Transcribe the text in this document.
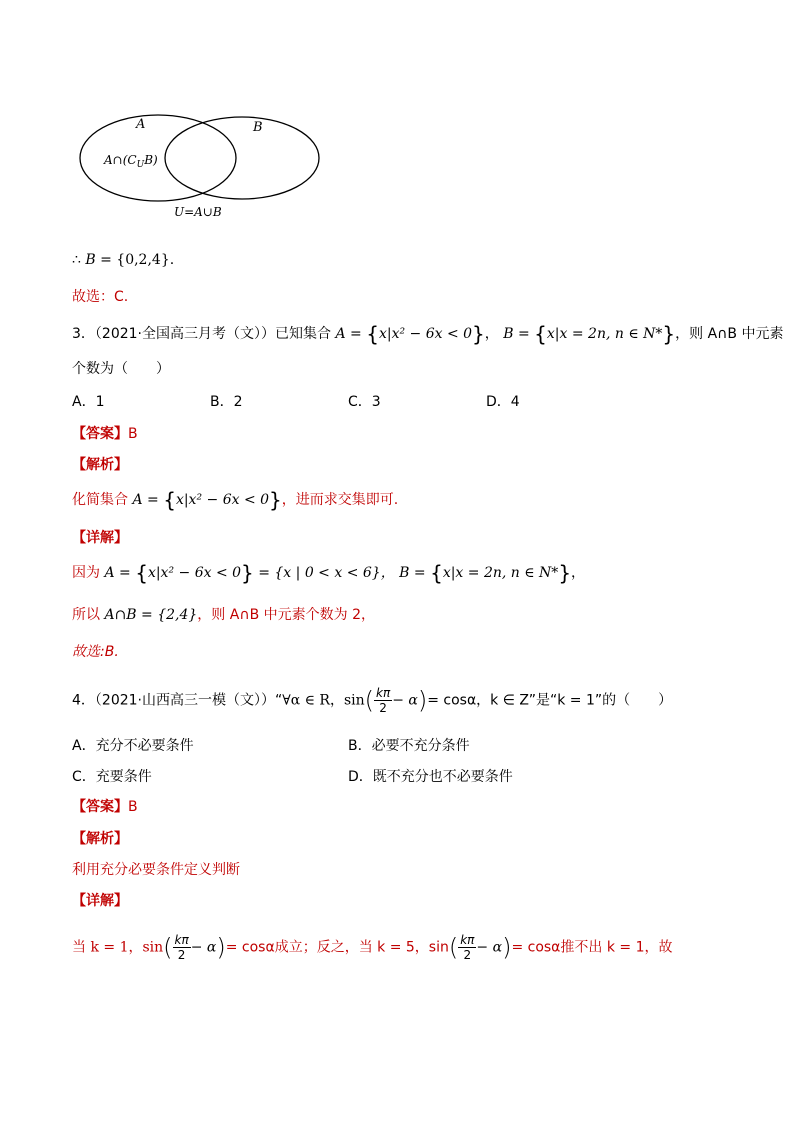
A	B
$A\cap(C_UB)$
U=A∪B
∴ B = {0,2,4}.
故选：C.
3．（2021·全国高三月考（文））已知集合 A = {x|x² − 6x < 0}， B = {x|x = 2n, n ∈ N*}，则 A∩B 中元素
个数为（　　）
A．1	B．2	C．3	D．4
【答案】B
【解析】
化简集合 A = {x|x² − 6x < 0}，进而求交集即可.
【详解】
因为 A = {x|x² − 6x < 0} = {x | 0 < x < 6}， B = {x|x = 2n, n ∈ N*}，
所以 A∩B = {2,4}，则 A∩B 中元素个数为 2，
故选:B.
4．（2021·山西高三一模（文））“∀α ∈ R，$\sin( \frac{k\pi}{2} - \alpha)= \cos\alpha$，k ∈ Z”是“k = 1”的（　　）
A．充分不必要条件	B．必要不充分条件
C．充要条件	D．既不充分也不必要条件
【答案】B
【解析】
利用充分必要条件定义判断
【详解】
当 k = 1，$\sin( \frac{k\pi}{2} - \alpha)= \cos\alpha$成立；反之，当 k = 5，$\sin( \frac{k\pi}{2} - \alpha)= \cos\alpha$推不出 k = 1，故
